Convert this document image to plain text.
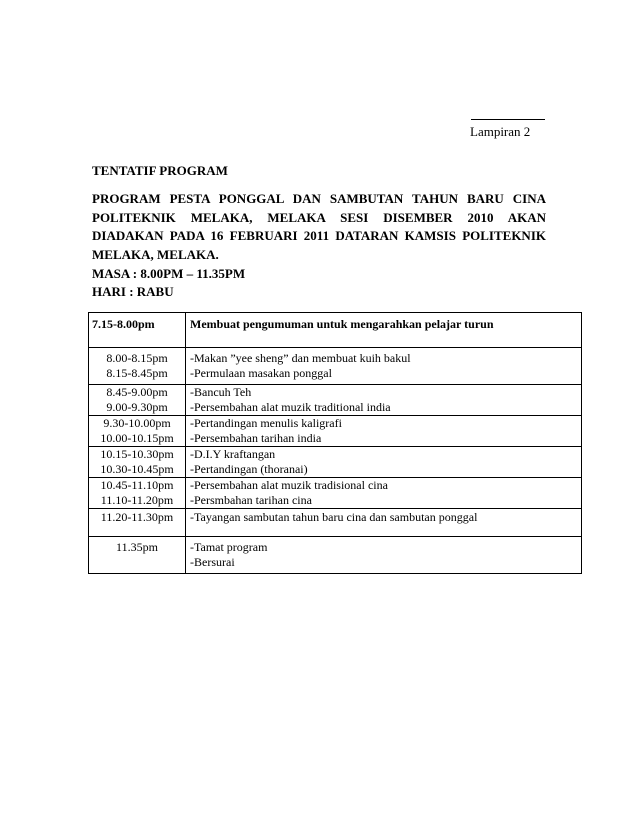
Lampiran 2
TENTATIF PROGRAM
PROGRAM PESTA PONGGAL DAN SAMBUTAN TAHUN BARU CINA POLITEKNIK MELAKA, MELAKA SESI DISEMBER 2010 AKAN DIADAKAN PADA 16 FEBRUARI 2011 DATARAN KAMSIS POLITEKNIK MELAKA, MELAKA.
MASA : 8.00PM – 11.35PM
HARI : RABU
7.15-8.00pm	Membuat pengumuman untuk mengarahkan pelajar turun

8.00-8.15pm
8.15-8.45pm	-Makan ”yee sheng” dan membuat kuih bakul
-Permulaan masakan ponggal

8.45-9.00pm
9.00-9.30pm	-Bancuh Teh
-Persembahan alat muzik traditional india

9.30-10.00pm
10.00-10.15pm	-Pertandingan menulis kaligrafi
-Persembahan tarihan india

10.15-10.30pm
10.30-10.45pm	-D.I.Y kraftangan
-Pertandingan (thoranai)

10.45-11.10pm
11.10-11.20pm	-Persembahan alat muzik tradisional cina
-Persmbahan tarihan cina

11.20-11.30pm	-Tayangan sambutan tahun baru cina dan sambutan ponggal

11.35pm	-Tamat program
-Bersurai
